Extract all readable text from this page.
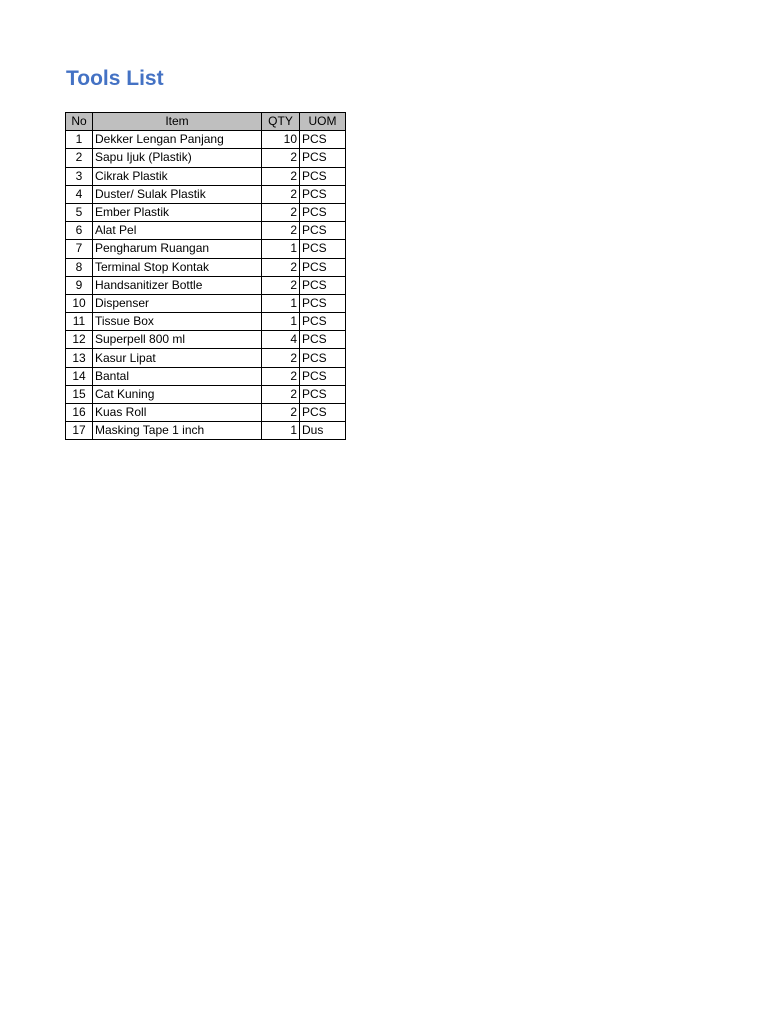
Tools List
No	Item	QTY	UOM
1	Dekker Lengan Panjang	10	PCS
2	Sapu Ijuk (Plastik)	2	PCS
3	Cikrak Plastik	2	PCS
4	Duster/ Sulak Plastik	2	PCS
5	Ember Plastik	2	PCS
6	Alat Pel	2	PCS
7	Pengharum Ruangan	1	PCS
8	Terminal Stop Kontak	2	PCS
9	Handsanitizer Bottle	2	PCS
10	Dispenser	1	PCS
11	Tissue Box	1	PCS
12	Superpell 800 ml	4	PCS
13	Kasur Lipat	2	PCS
14	Bantal	2	PCS
15	Cat Kuning	2	PCS
16	Kuas Roll	2	PCS
17	Masking Tape 1 inch	1	Dus
